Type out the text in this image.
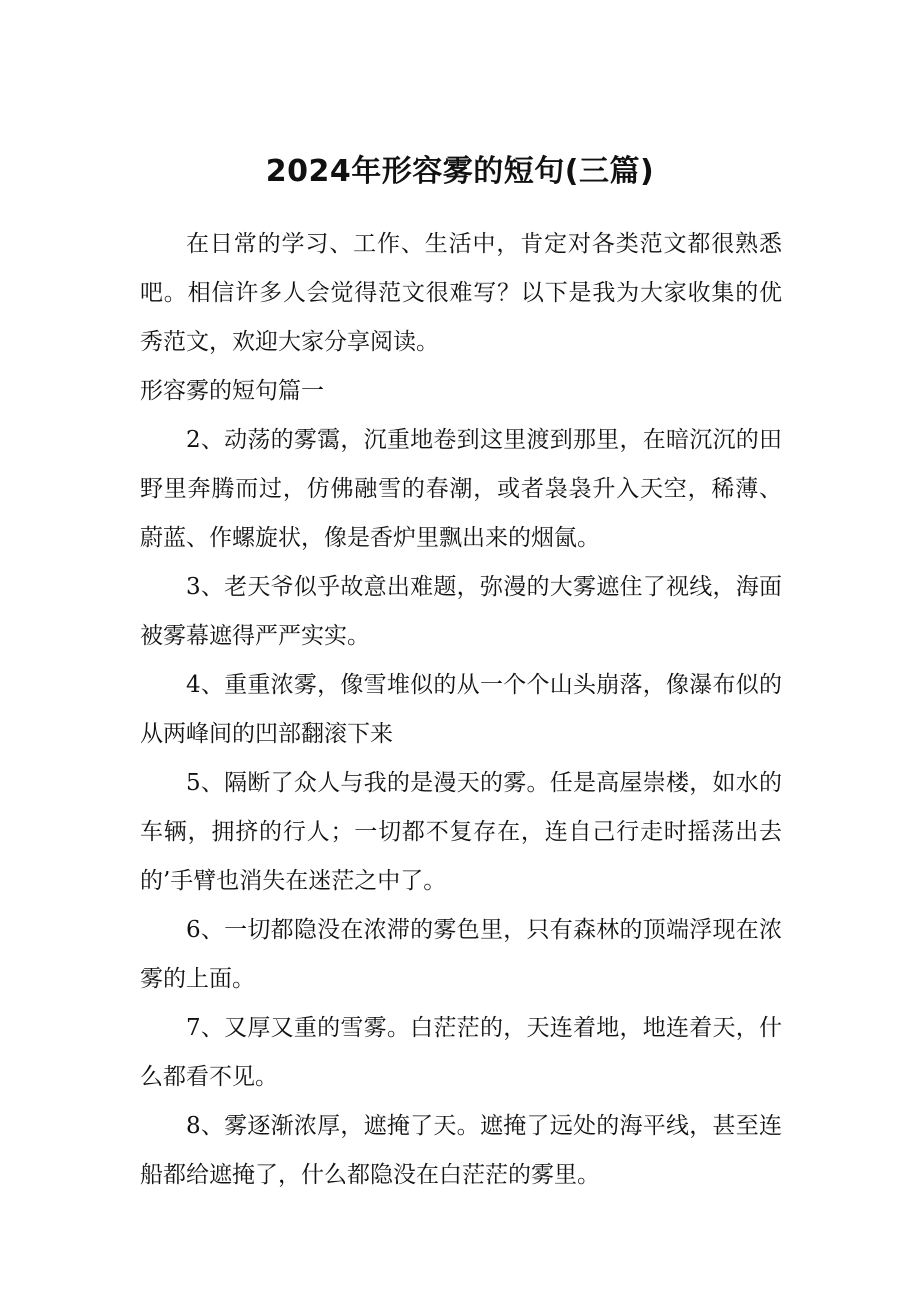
2024年形容雾的短句(三篇)

在日常的学习、工作、生活中，肯定对各类范文都很熟悉吧。相信许多人会觉得范文很难写？以下是我为大家收集的优秀范文，欢迎大家分享阅读。

形容雾的短句篇一

2、动荡的雾霭，沉重地卷到这里渡到那里，在暗沉沉的田野里奔腾而过，仿佛融雪的春潮，或者袅袅升入天空，稀薄、蔚蓝、作螺旋状，像是香炉里飘出来的烟氤。

3、老天爷似乎故意出难题，弥漫的大雾遮住了视线，海面被雾幕遮得严严实实。

4、重重浓雾，像雪堆似的从一个个山头崩落，像瀑布似的从两峰间的凹部翻滚下来

5、隔断了众人与我的是漫天的雾。任是高屋崇楼，如水的车辆，拥挤的行人；一切都不复存在，连自己行走时摇荡出去的’手臂也消失在迷茫之中了。

6、一切都隐没在浓滞的雾色里，只有森林的顶端浮现在浓雾的上面。

7、又厚又重的雪雾。白茫茫的，天连着地，地连着天，什么都看不见。

8、雾逐渐浓厚，遮掩了天。遮掩了远处的海平线，甚至连船都给遮掩了，什么都隐没在白茫茫的雾里。
